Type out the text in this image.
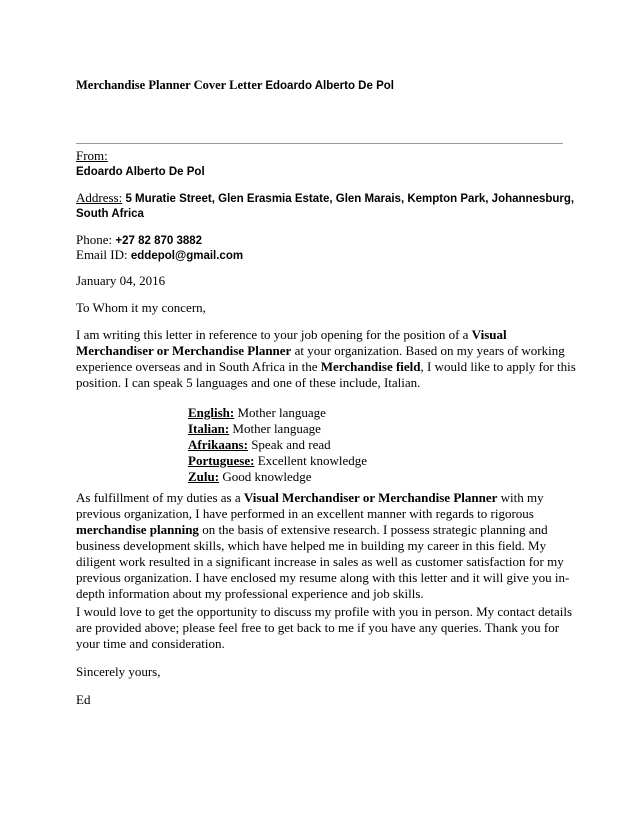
Merchandise Planner Cover Letter Edoardo Alberto De Pol
From:
Edoardo Alberto De Pol
Address: 5 Muratie Street, Glen Erasmia Estate, Glen Marais, Kempton Park, Johannesburg,
South Africa
Phone: +27 82 870 3882
Email ID: eddepol@gmail.com
January 04, 2016
To Whom it my concern,
I am writing this letter in reference to your job opening for the position of a Visual
Merchandiser or Merchandise Planner at your organization. Based on my years of working
experience overseas and in South Africa in the Merchandise field, I would like to apply for this
position. I can speak 5 languages and one of these include, Italian.
English: Mother language
Italian: Mother language
Afrikaans: Speak and read
Portuguese: Excellent knowledge
Zulu: Good knowledge
As fulfillment of my duties as a Visual Merchandiser or Merchandise Planner with my
previous organization, I have performed in an excellent manner with regards to rigorous
merchandise planning on the basis of extensive research. I possess strategic planning and
business development skills, which have helped me in building my career in this field. My
diligent work resulted in a significant increase in sales as well as customer satisfaction for my
previous organization. I have enclosed my resume along with this letter and it will give you in-
depth information about my professional experience and job skills.
I would love to get the opportunity to discuss my profile with you in person. My contact details
are provided above; please feel free to get back to me if you have any queries. Thank you for
your time and consideration.
Sincerely yours,
Ed
